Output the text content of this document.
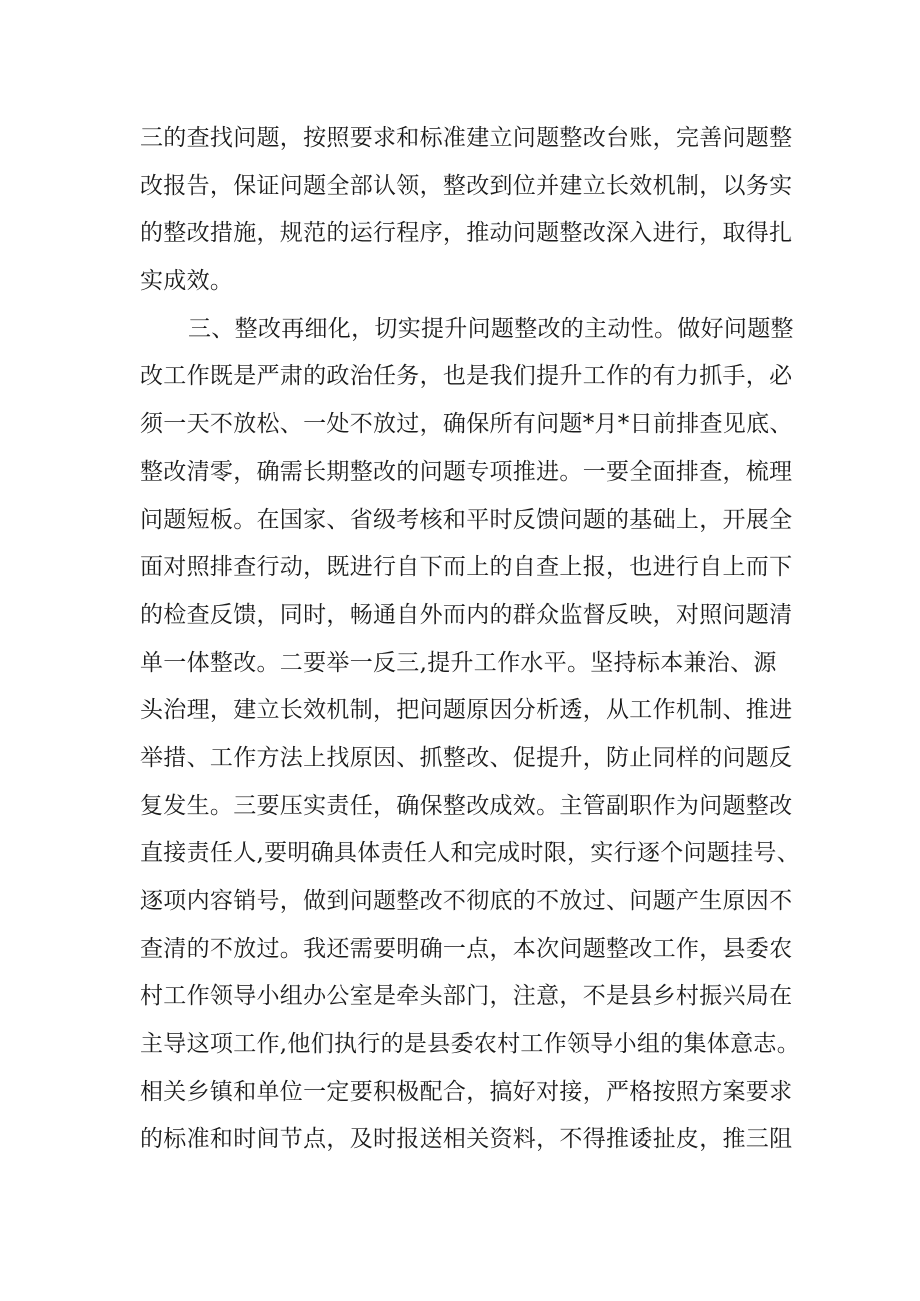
三的查找问题，按照要求和标准建立问题整改台账，完善问题整
改报告，保证问题全部认领，整改到位并建立长效机制，以务实
的整改措施，规范的运行程序，推动问题整改深入进行，取得扎
实成效。
三、整改再细化，切实提升问题整改的主动性。做好问题整
改工作既是严肃的政治任务，也是我们提升工作的有力抓手，必
须一天不放松、一处不放过，确保所有问题*月*日前排查见底、
整改清零，确需长期整改的问题专项推进。一要全面排查，梳理
问题短板。在国家、省级考核和平时反馈问题的基础上，开展全
面对照排查行动，既进行自下而上的自查上报，也进行自上而下
的检查反馈，同时，畅通自外而内的群众监督反映，对照问题清
单一体整改。二要举一反三,提升工作水平。坚持标本兼治、源
头治理，建立长效机制，把问题原因分析透，从工作机制、推进
举措、工作方法上找原因、抓整改、促提升，防止同样的问题反
复发生。三要压实责任，确保整改成效。主管副职作为问题整改
直接责任人,要明确具体责任人和完成时限，实行逐个问题挂号、
逐项内容销号，做到问题整改不彻底的不放过、问题产生原因不
查清的不放过。我还需要明确一点，本次问题整改工作，县委农
村工作领导小组办公室是牵头部门，注意，不是县乡村振兴局在
主导这项工作,他们执行的是县委农村工作领导小组的集体意志。
相关乡镇和单位一定要积极配合，搞好对接，严格按照方案要求
的标准和时间节点，及时报送相关资料，不得推诿扯皮，推三阻
